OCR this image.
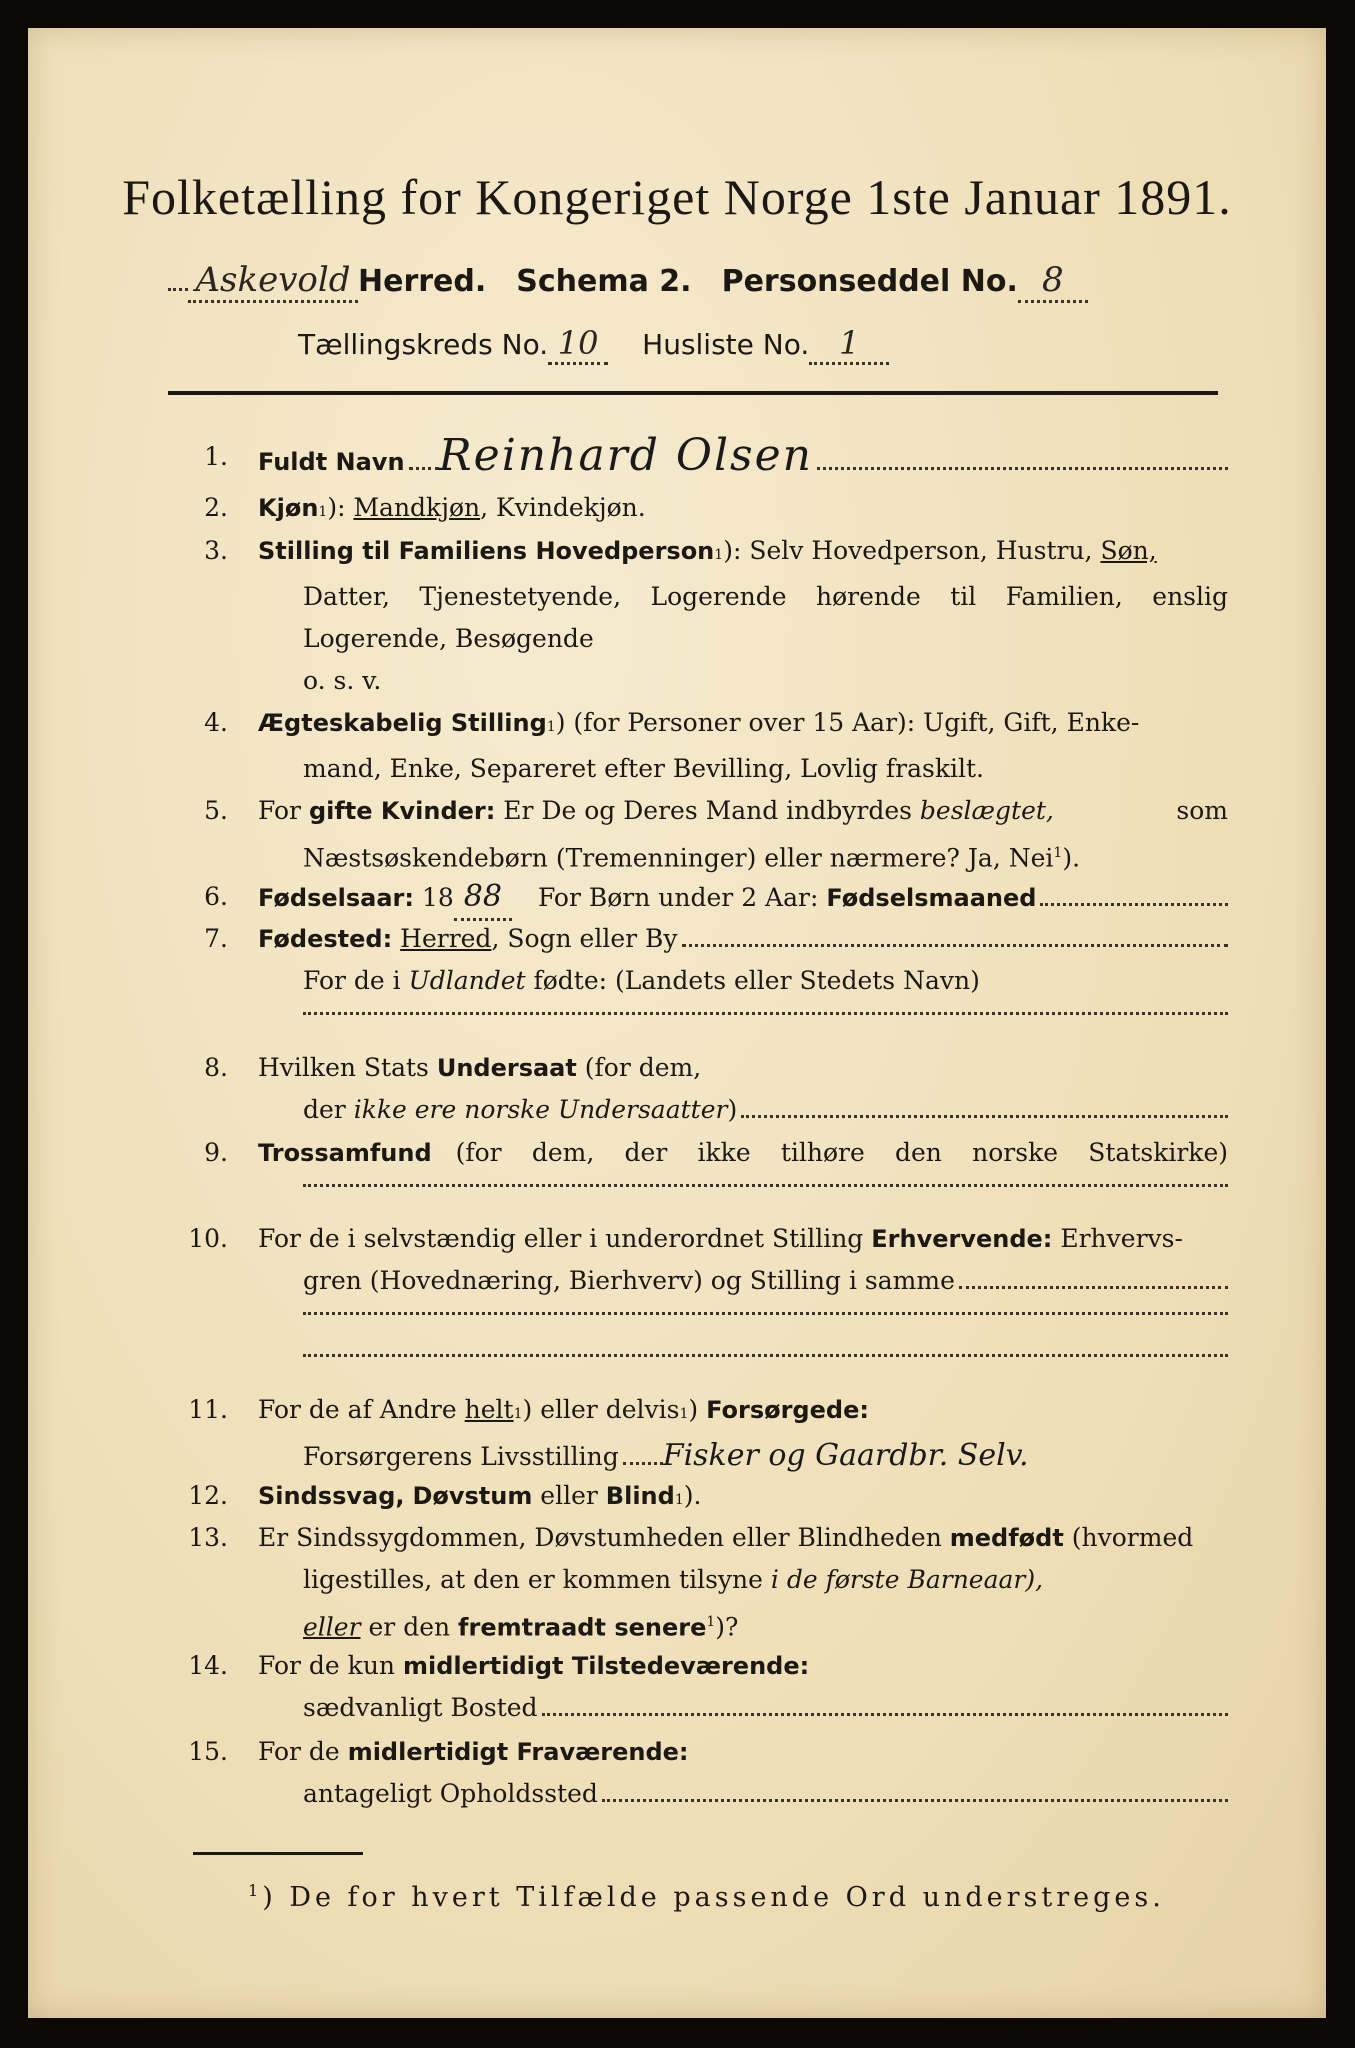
Folketælling for Kongeriget Norge 1ste Januar 1891.
Askevold Herred. Schema 2. Personseddel No. 8
Tællingskreds No. 10	Husliste No. 1
1. Fuldt Navn Reinhard Olsen
2. Kjøn 1 ): Mandkjøn , Kvindekjøn.
3. Stilling til Familiens Hovedperson 1 ): Selv Hovedperson, Hustru,
Søn,
Datter, Tjenestetyende, Logerende hørende til Familien, enslig
Logerende, Besøgende
o. s. v.
4. Ægteskabelig Stilling 1 ) (for Personer over 15 Aar): Ugift, Gift, Enke-
mand, Enke, Separeret efter Bevilling, Lovlig fraskilt.
5. For gifte Kvinder: Er De og Deres Mand indbyrdes beslægtet,	som
Næstsøskendebørn (Tremenninger) eller nærmere? Ja, Nei$^1$).
6. Fødselsaar:
18 88	For Børn under 2 Aar:
Fødselsmaaned
7. Fødested:
Herred , Sogn eller By
For de i Udlandet fødte: (Landets eller Stedets Navn)
8. Hvilken Stats Undersaat (for dem,
der
ikke ere norske Undersaatter )
9. Trossamfund (for dem, der ikke tilhøre den norske Statskirke)
10. For de i selvstændig eller i underordnet Stilling
Erhvervende:
Erhvervs-
gren (Hovednæring, Bierhverv) og Stilling i samme
11. For de af Andre
helt 1 ) eller delvis 1 ) Forsørgede:
Forsørgerens Livsstilling Fisker og Gaardbr. Selv.
12. Sindssvag,
Døvstum
eller
Blind 1 ).
13. Er Sindssygdommen, Døvstumheden eller Blindheden
medfødt
(hvormed
ligestilles, at den er kommen tilsyne i de første Barneaar),
eller er den fremtraadt senere$^1$)?
14. For de kun midlertidigt Tilstedeværende:
sædvanligt Bosted
15. For de midlertidigt Fraværende:
antageligt Opholdssted
$^1$) De for hvert Tilfælde passende Ord understreges.
